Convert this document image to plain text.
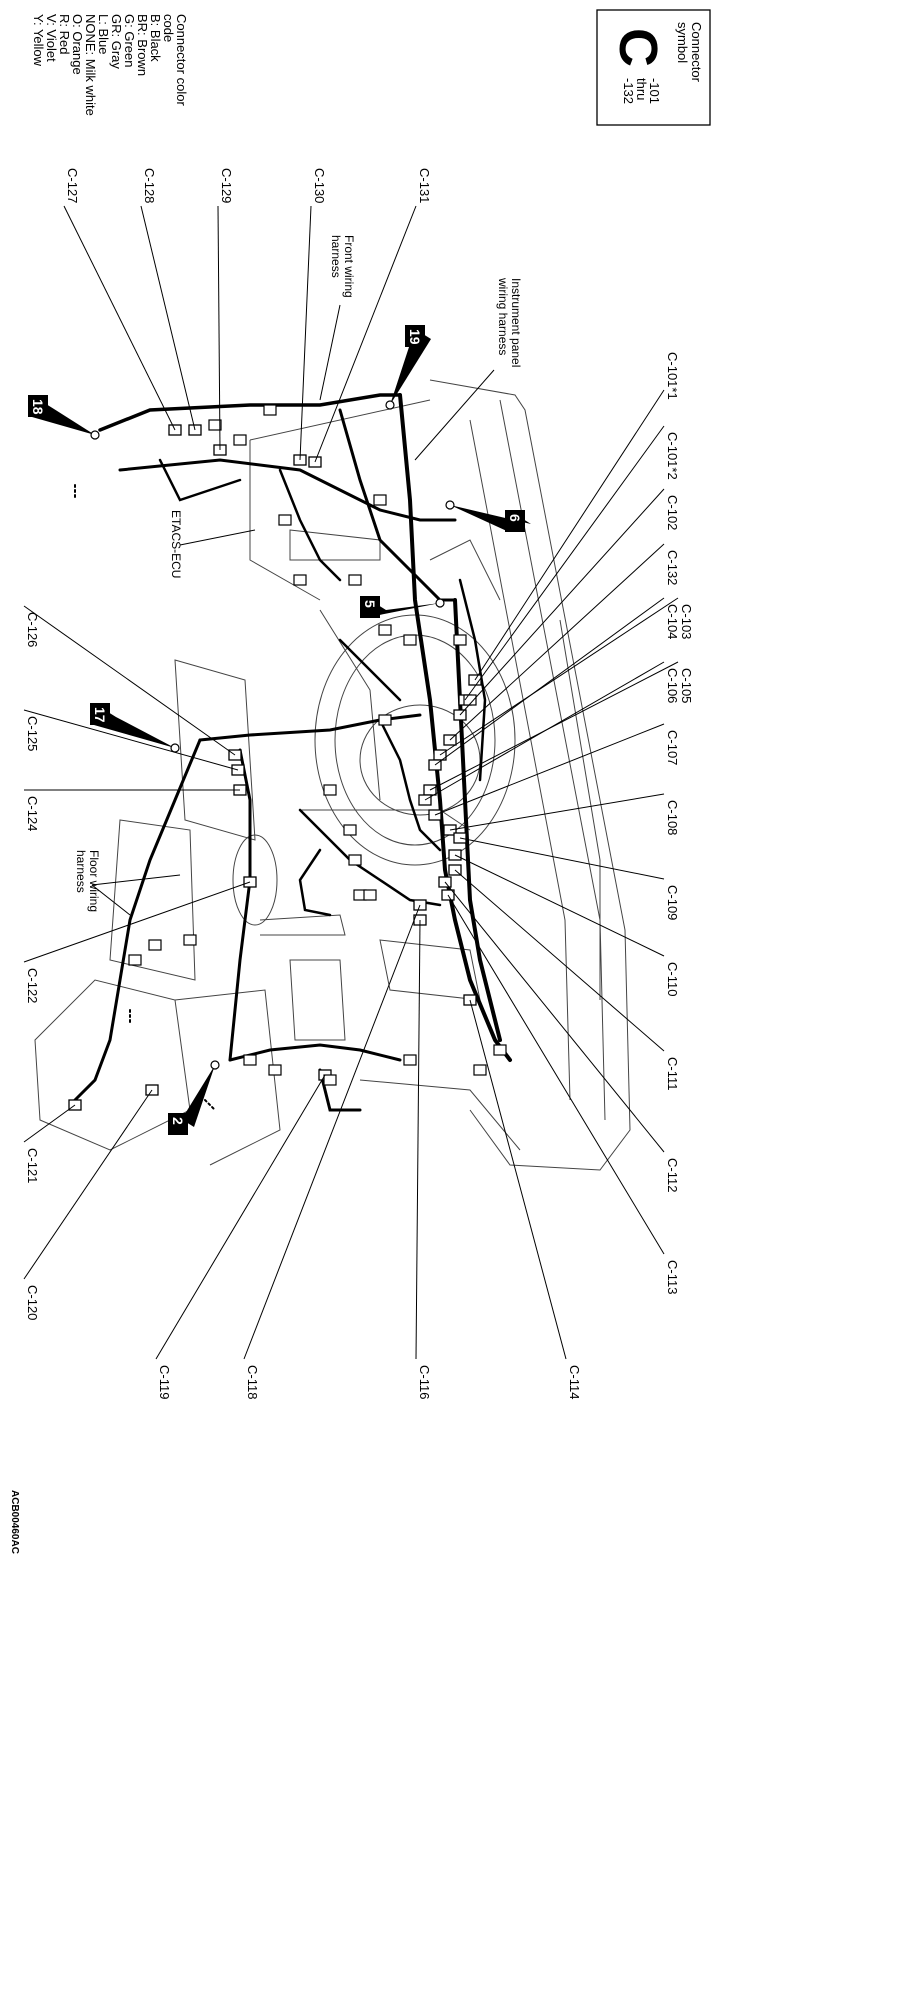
Connector
symbol
C
-101
thru
-132
Connector color
code
B: Black
BR: Brown
G: Green
GR: Gray
L: Blue
NONE: Milk white
O: Orange
R: Red
V: Violet
Y: Yellow
C-101*1
C-101*2
C-102
C-132
C-103
C-104
C-105
C-106
C-107
C-108
C-109
C-110
C-111
C-112
C-113
C-114
C-116
C-118
C-119
C-120
C-121
C-122
C-124
C-125
C-126
C-127	C-128	C-129	C-130	C-131
Front wiring
harness
Instrument panel
wiring harness
Floor wiring
harness
ETACS-ECU
2
5
6
17
18
19
ACB00460AC
